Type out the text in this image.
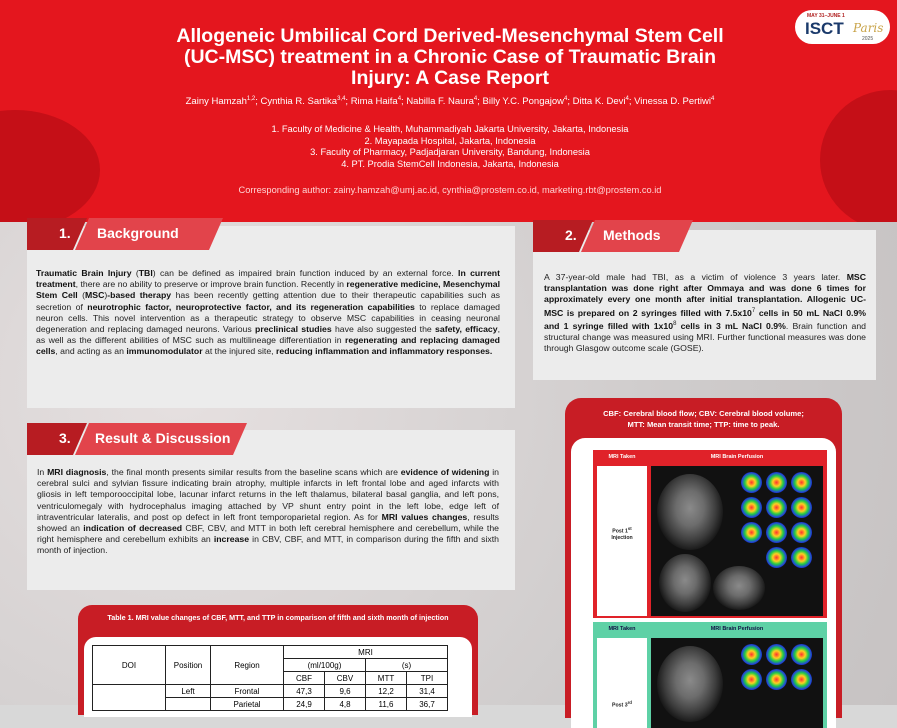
Allogeneic Umbilical Cord Derived-Mesenchymal Stem Cell
(UC-MSC) treatment in a Chronic Case of Traumatic Brain
Injury: A Case Report
Zainy Hamzah$^{1,2}$; Cynthia R. Sartika$^{3,4}$; Rima Haifa$^4$; Nabilla F. Naura$^4$; Billy Y.C. Pongajow$^4$; Ditta K. Devi$^4$; Vinessa D. Pertiwi$^4$
1. Faculty of Medicine & Health, Muhammadiyah Jakarta University, Jakarta, Indonesia
2. Mayapada Hospital, Jakarta, Indonesia
3. Faculty of Pharmacy, Padjadjaran University, Bandung, Indonesia
4. PT. Prodia StemCell Indonesia, Jakarta, Indonesia
Corresponding author: zainy.hamzah@umj.ac.id, cynthia@prostem.co.id, marketing.rbt@prostem.co.id
MAY 31–JUNE 1
ISCT Paris
2025
1. Background
Traumatic Brain Injury (TBI) can be defined as impaired brain function induced by an external force. In current treatment, there are no ability to preserve or improve brain function. Recently in regenerative medicine, Mesenchymal Stem Cell (MSC)-based therapy has been recently getting attention due to their therapeutic capabilities such as secretion of neurotrophic factor, neuroprotective factor, and its regeneration capabilities to replace damaged neuron cells. This novel intervention as a therapeutic strategy to observe MSC capabilities in ceasing neuronal degeneration and replacing damaged neurons. Various preclinical studies have also suggested the safety, efficacy, as well as the different abilities of MSC such as multilineage differentiation in regenerating and replacing damaged cells, and acting as an immunomodulator at the injured site, reducing inflammation and inflammatory responses.
2. Methods
A 37-year-old male had TBI, as a victim of violence 3 years later. MSC transplantation was done right after Ommaya and was done 6 times for approximately every one month after initial transplantation. Allogenic UC-MSC is prepared on 2 syringes filled with $7.5x10^7$ cells in 50 mL NaCl 0.9% and 1 syringe filled with $1x10^8$ cells in 3 mL NaCl 0.9%. Brain function and structural change was measured using MRI. Further functional measures was done through Glasgow outcome scale (GOSE).
3. Result & Discussion
In MRI diagnosis, the final month presents similar results from the baseline scans which are evidence of widening in cerebral sulci and sylvian fissure indicating brain atrophy, multiple infarcts in left frontal lobe and aged infarcts with gliosis in left temporooccipital lobe, lacunar infarct returns in the left thalamus, bilateral basal ganglia, and left pons, ventriculomegaly with hydrocephalus imaging attached by VP shunt entry point in the left lobe, edge left of intraventricular lateralis, and post op defect in left front temporoparietal region. As for MRI values changes, results showed an indication of decreased CBF, CBV, and MTT in both left cerebral hemisphere and cerebellum, while the right hemisphere and cerebellum exhibits an increase in CBV, CBF, and MTT, in comparison during the fifth and sixth month of injection.
Table 1. MRI value changes of CBF, MTT, and TTP in comparison of fifth and sixth month of injection
DOI	Position	Region	MRI			
			(ml/100g)		(s)	
			CBF	CBV	MTT	TPI
	Left	Frontal	47,3	9,6	12,2	31,4
		Parietal	24,9	4,8	11,6	36,7
CBF: Cerebral blood flow; CBV: Cerebral blood volume;
MTT: Mean transit time; TTP: time to peak.
MRI Taken	MRI Brain Perfusion
Post 1st
Injection
MRI Taken	MRI Brain Perfusion
Post 3rd
